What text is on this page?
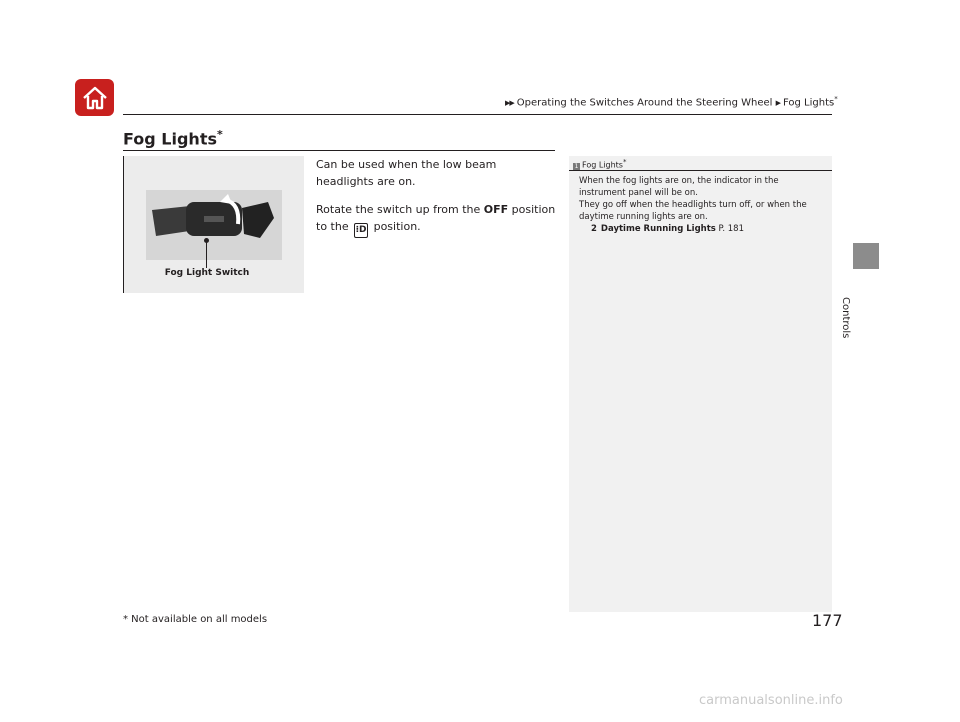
▶▶ Operating the Switches Around the Steering Wheel ▶ Fog Lights*
Fog Lights*
Fog Light Switch

Can be used when the low beam headlights are on.

Rotate the switch up from the OFF position to the ⁝D position.

1 Fog Lights*

When the fog lights are on, the indicator in the instrument panel will be on.

They go off when the headlights turn off, or when the daytime running lights are on.

2 Daytime Running Lights P. 181

Controls
* Not available on all models	177
carmanualsonline.info
